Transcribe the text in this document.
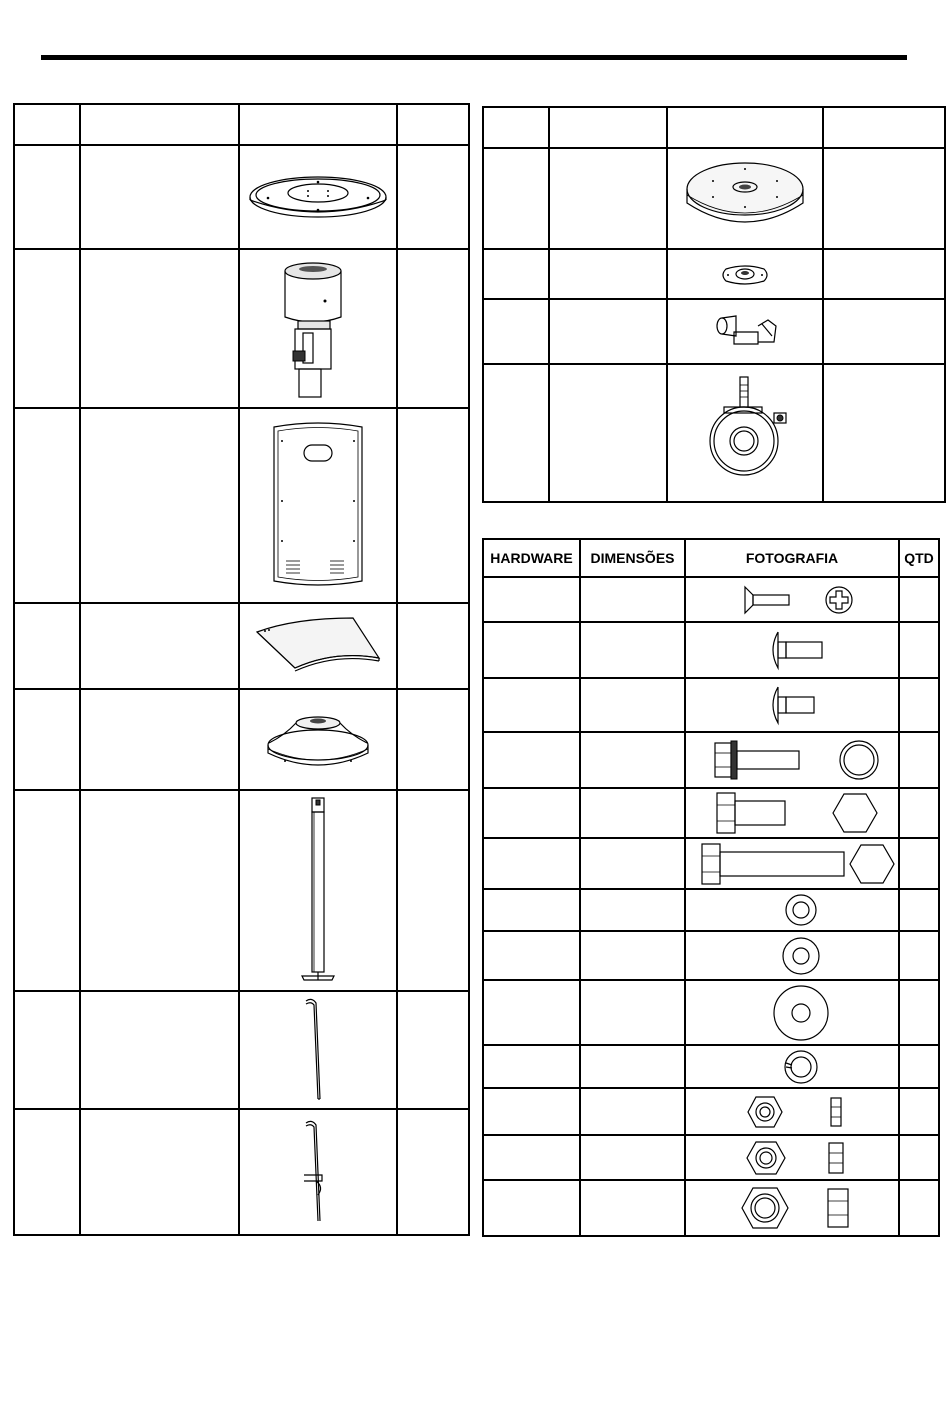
HARDWARE	DIMENSÕES	FOTOGRAFIA	QTD
